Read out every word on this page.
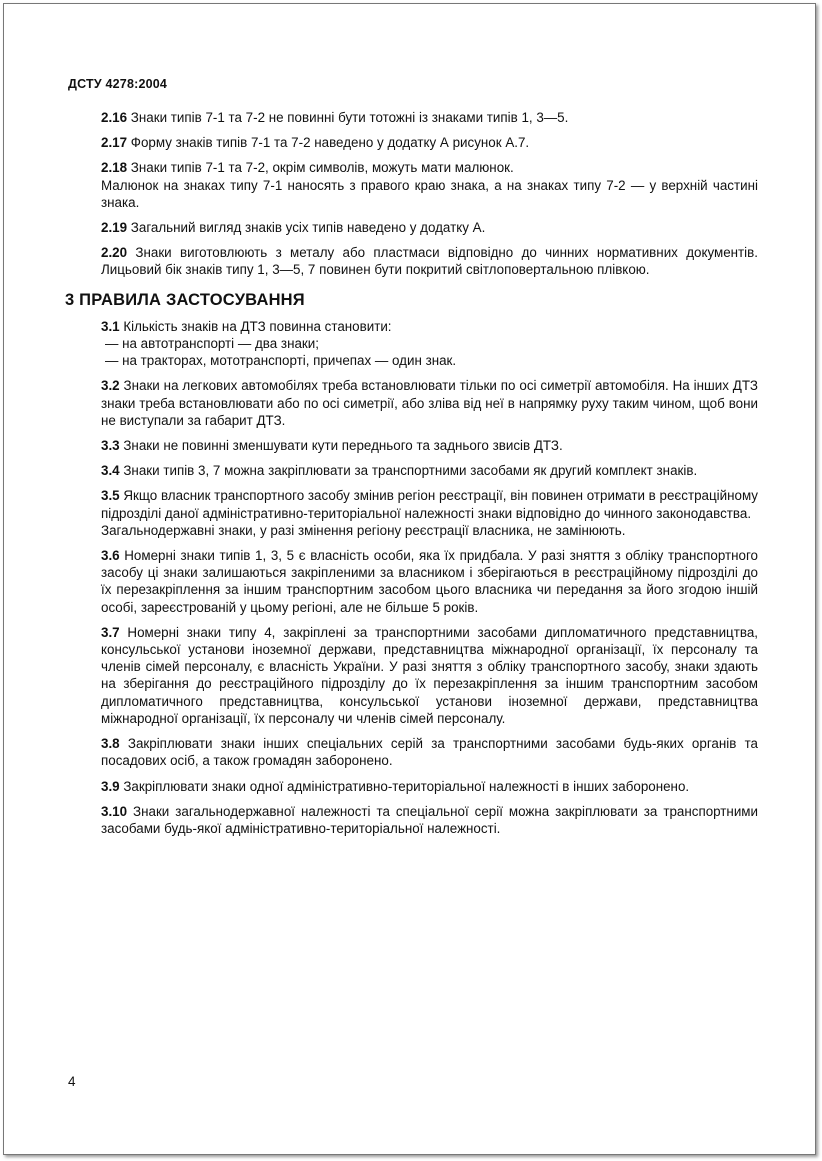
ДСТУ 4278:2004
2.16 Знаки типів 7-1 та 7-2 не повинні бути тотожні із знаками типів 1, 3—5.
2.17 Форму знаків типів 7-1 та 7-2 наведено у додатку А рисунок А.7.
2.18 Знаки типів 7-1 та 7-2, окрім символів, можуть мати малюнок.
Малюнок на знаках типу 7-1 наносять з правого краю знака, а на знаках типу 7-2 — у верхній частині знака.
2.19 Загальний вигляд знаків усіх типів наведено у додатку А.
2.20 Знаки виготовлюють з металу або пластмаси відповідно до чинних нормативних документів. Лицьовий бік знаків типу 1, 3—5, 7 повинен бути покритий світлоповертальною плівкою.
3 ПРАВИЛА ЗАСТОСУВАННЯ
3.1 Кількість знаків на ДТЗ повинна становити:
— на автотранспорті — два знаки;
— на тракторах, мототранспорті, причепах — один знак.
3.2 Знаки на легкових автомобілях треба встановлювати тільки по осі симетрії автомобіля. На інших ДТЗ знаки треба встановлювати або по осі симетрії, або зліва від неї в напрямку руху таким чином, щоб вони не виступали за габарит ДТЗ.
3.3 Знаки не повинні зменшувати кути переднього та заднього звисів ДТЗ.
3.4 Знаки типів 3, 7 можна закріплювати за транспортними засобами як другий комплект знаків.
3.5 Якщо власник транспортного засобу змінив регіон реєстрації, він повинен отримати в реєстраційному підрозділі даної адміністративно-територіальної належності знаки відповідно до чинного законодавства.
Загальнодержавні знаки, у разі змінення регіону реєстрації власника, не замінюють.
3.6 Номерні знаки типів 1, 3, 5 є власність особи, яка їх придбала. У разі зняття з обліку транспортного засобу ці знаки залишаються закріпленими за власником і зберігаються в реєстраційному підрозділі до їх перезакріплення за іншим транспортним засобом цього власника чи передання за його згодою іншій особі, зареєстрованій у цьому регіоні, але не більше 5 років.
3.7 Номерні знаки типу 4, закріплені за транспортними засобами дипломатичного представництва, консульської установи іноземної держави, представництва міжнародної організації, їх персоналу та членів сімей персоналу, є власність України. У разі зняття з обліку транспортного засобу, знаки здають на зберігання до реєстраційного підрозділу до їх перезакріплення за іншим транспортним засобом дипломатичного представництва, консульської установи іноземної держави, представництва міжнародної організації, їх персоналу чи членів сімей персоналу.
3.8 Закріплювати знаки інших спеціальних серій за транспортними засобами будь-яких органів та посадових осіб, а також громадян заборонено.
3.9 Закріплювати знаки одної адміністративно-територіальної належності в інших заборонено.
3.10 Знаки загальнодержавної належності та спеціальної серії можна закріплювати за транспортними засобами будь-якої адміністративно-територіальної належності.
4
